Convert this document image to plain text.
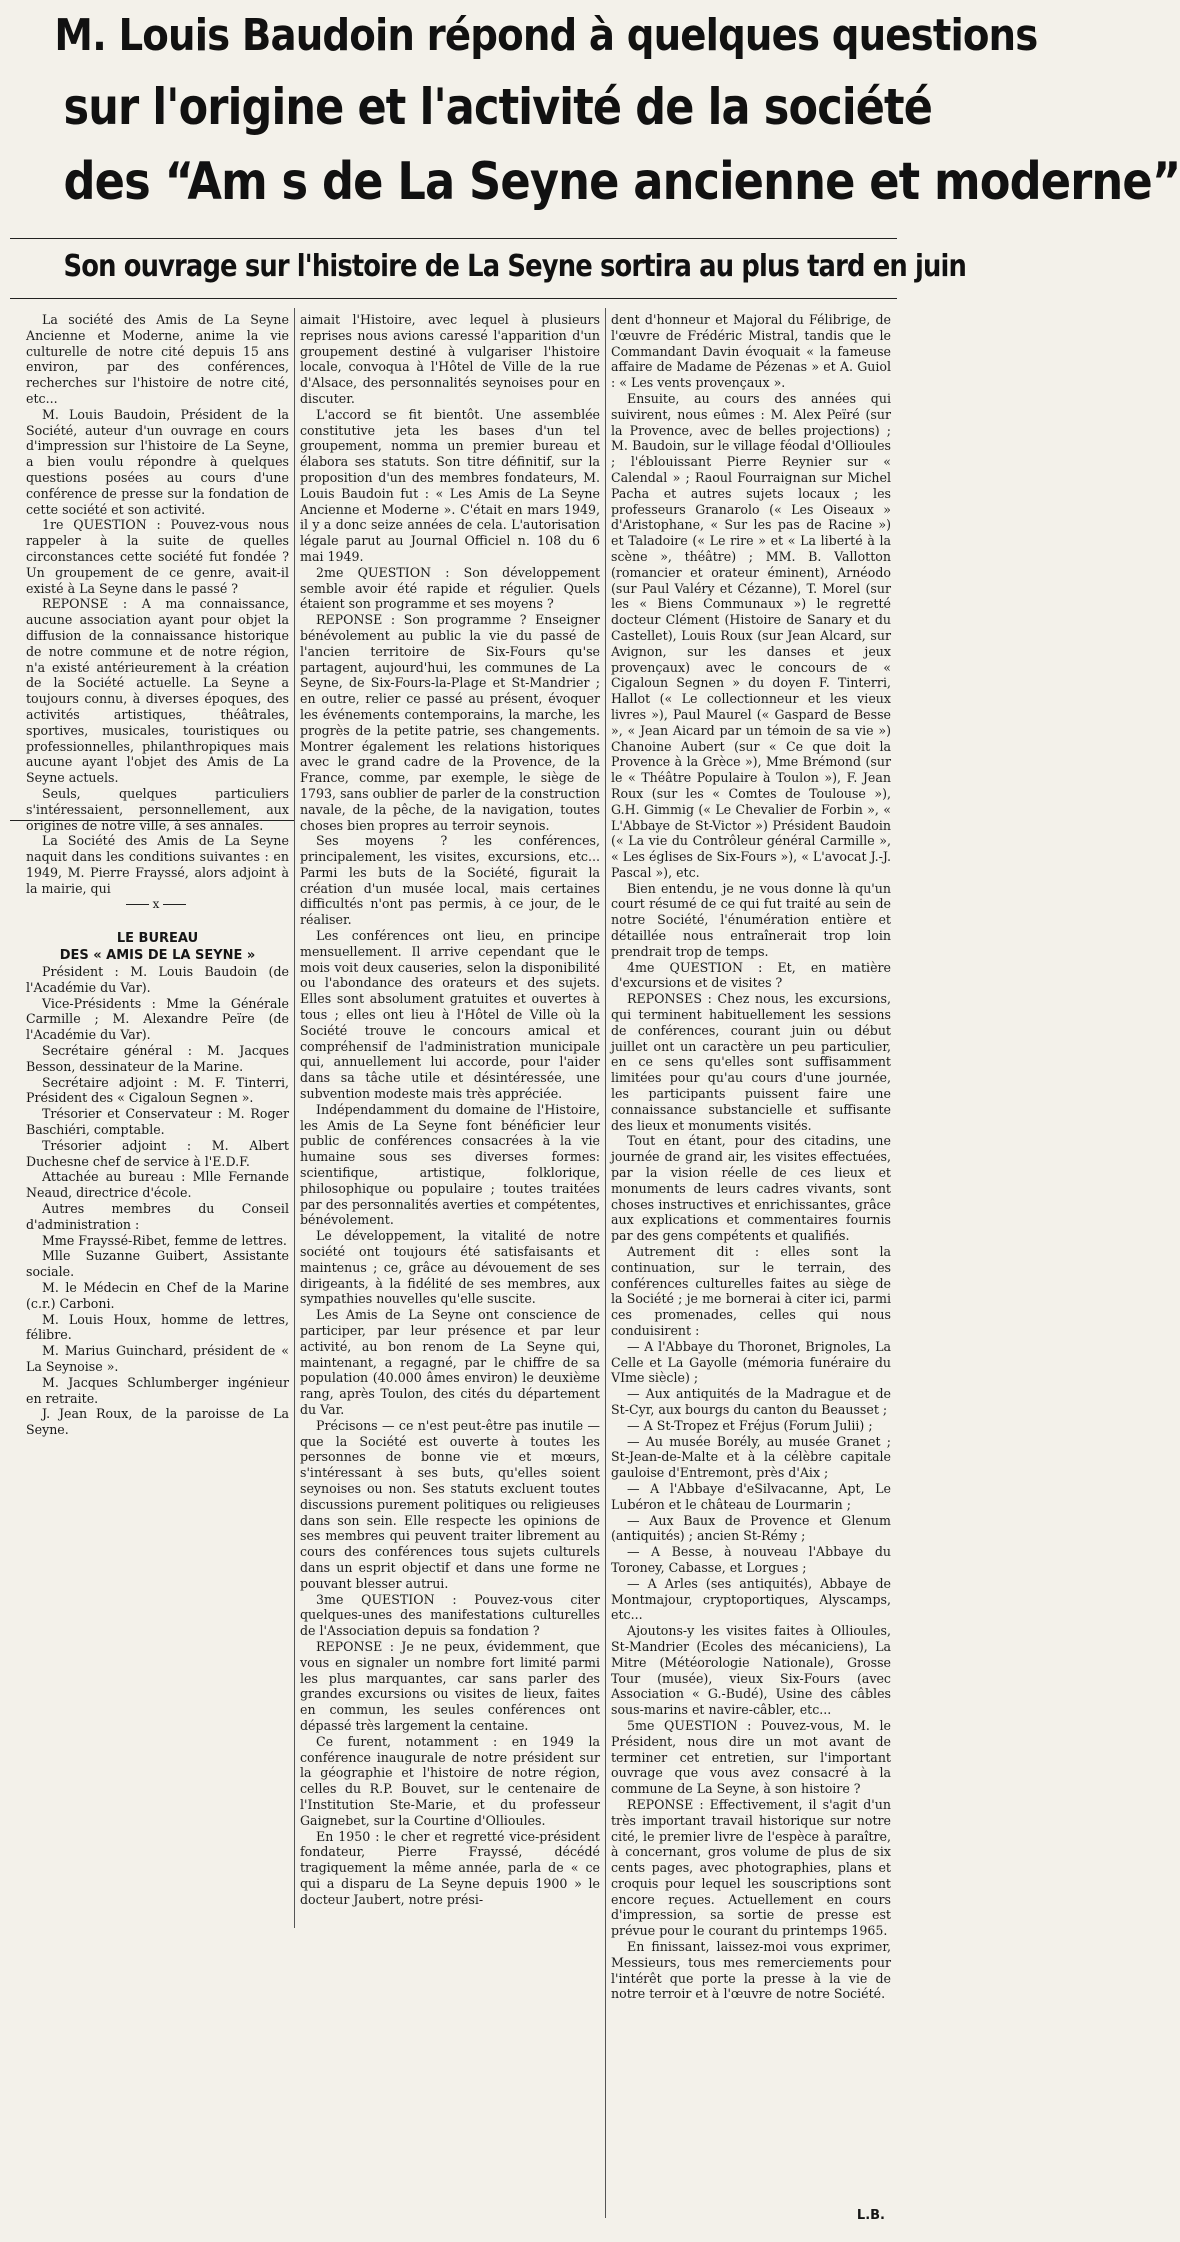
M. Louis Baudoin répond à quelques questions
sur l'origine et l'activité de la société
des “Am s de La Seyne ancienne et moderne”
Son ouvrage sur l'histoire de La Seyne sortira au plus tard en juin

La société des Amis de La Seyne Ancienne et Moderne, anime la vie culturelle de notre cité depuis 15 ans environ, par des conférences, recherches sur l'histoire de notre cité, etc...

M. Louis Baudoin, Président de la Société, auteur d'un ouvrage en cours d'impression sur l'histoire de La Seyne, a bien voulu répondre à quelques questions posées au cours d'une conférence de presse sur la fondation de cette société et son activité.

1re QUESTION : Pouvez-vous nous rappeler à la suite de quelles circonstances cette société fut fondée ? Un groupement de ce genre, avait-il existé à La Seyne dans le passé ?

REPONSE : A ma connaissance, aucune association ayant pour objet la diffusion de la connaissance historique de notre commune et de notre région, n'a existé antérieurement à la création de la Société actuelle. La Seyne a toujours connu, à diverses époques, des activités artistiques, théâtrales, sportives, musicales, touristiques ou professionnelles, philanthropiques mais aucune ayant l'objet des Amis de La Seyne actuels.

Seuls, quelques particuliers s'intéressaient, personnellement, aux origines de notre ville, à ses annales.

La Société des Amis de La Seyne naquit dans les conditions suivantes : en 1949, M. Pierre Frayssé, alors adjoint à la mairie, qui

x
LE BUREAU
DES « AMIS DE LA SEYNE »

Président : M. Louis Baudoin (de l'Académie du Var).

Vice-Présidents : Mme la Générale Carmille ; M. Alexandre Peïre (de l'Académie du Var).

Secrétaire général : M. Jacques Besson, dessinateur de la Marine.

Secrétaire adjoint : M. F. Tinterri, Président des « Cigaloun Segnen ».

Trésorier et Conservateur : M. Roger Baschiéri, comptable.

Trésorier adjoint : M. Albert Duchesne chef de service à l'E.D.F.

Attachée au bureau : Mlle Fernande Neaud, directrice d'école.

Autres membres du Conseil d'administration :

Mme Frayssé-Ribet, femme de lettres.

Mlle Suzanne Guibert, Assistante sociale.

M. le Médecin en Chef de la Marine (c.r.) Carboni.

M. Louis Houx, homme de lettres, félibre.

M. Marius Guinchard, président de « La Seynoise ».

M. Jacques Schlumberger ingénieur en retraite.

J. Jean Roux, de la paroisse de La Seyne.

aimait l'Histoire, avec lequel à plusieurs reprises nous avions caressé l'apparition d'un groupement destiné à vulgariser l'histoire locale, convoqua à l'Hôtel de Ville de la rue d'Alsace, des personnalités seynoises pour en discuter.

L'accord se fit bientôt. Une assemblée constitutive jeta les bases d'un tel groupement, nomma un premier bureau et élabora ses statuts. Son titre définitif, sur la proposition d'un des membres fondateurs, M. Louis Baudoin fut : « Les Amis de La Seyne Ancienne et Moderne ». C'était en mars 1949, il y a donc seize années de cela. L'autorisation légale parut au Journal Officiel n. 108 du 6 mai 1949.

2me QUESTION : Son développement semble avoir été rapide et régulier. Quels étaient son programme et ses moyens ?

REPONSE : Son programme ? Enseigner bénévolement au public la vie du passé de l'ancien territoire de Six-Fours qu'se partagent, aujourd'hui, les communes de La Seyne, de Six-Fours-la-Plage et St-Mandrier ; en outre, relier ce passé au présent, évoquer les événements contemporains, la marche, les progrès de la petite patrie, ses changements. Montrer également les relations historiques avec le grand cadre de la Provence, de la France, comme, par exemple, le siège de 1793, sans oublier de parler de la construction navale, de la pêche, de la navigation, toutes choses bien propres au terroir seynois.

Ses moyens ? les conférences, principalement, les visites, excursions, etc... Parmi les buts de la Société, figurait la création d'un musée local, mais certaines difficultés n'ont pas permis, à ce jour, de le réaliser.

Les conférences ont lieu, en principe mensuellement. Il arrive cependant que le mois voit deux causeries, selon la disponibilité ou l'abondance des orateurs et des sujets. Elles sont absolument gratuites et ouvertes à tous ; elles ont lieu à l'Hôtel de Ville où la Société trouve le concours amical et compréhensif de l'administration municipale qui, annuellement lui accorde, pour l'aider dans sa tâche utile et désintéressée, une subvention modeste mais très appréciée.

Indépendamment du domaine de l'Histoire, les Amis de La Seyne font bénéficier leur public de conférences consacrées à la vie humaine sous ses diverses formes: scientifique, artistique, folklorique, philosophique ou populaire ; toutes traitées par des personnalités averties et compétentes, bénévolement.

Le développement, la vitalité de notre société ont toujours été satisfaisants et maintenus ; ce, grâce au dévouement de ses dirigeants, à la fidélité de ses membres, aux sympathies nouvelles qu'elle suscite.

Les Amis de La Seyne ont conscience de participer, par leur présence et par leur activité, au bon renom de La Seyne qui, maintenant, a regagné, par le chiffre de sa population (40.000 âmes environ) le deuxième rang, après Toulon, des cités du département du Var.

Précisons — ce n'est peut-être pas inutile — que la Société est ouverte à toutes les personnes de bonne vie et mœurs, s'intéressant à ses buts, qu'elles soient seynoises ou non. Ses statuts excluent toutes discussions purement politiques ou religieuses dans son sein. Elle respecte les opinions de ses membres qui peuvent traiter librement au cours des conférences tous sujets culturels dans un esprit objectif et dans une forme ne pouvant blesser autrui.

3me QUESTION : Pouvez-vous citer quelques-unes des manifestations culturelles de l'Association depuis sa fondation ?

REPONSE : Je ne peux, évidemment, que vous en signaler un nombre fort limité parmi les plus marquantes, car sans parler des grandes excursions ou visites de lieux, faites en commun, les seules conférences ont dépassé très largement la centaine.

Ce furent, notamment : en 1949 la conférence inaugurale de notre président sur la géographie et l'histoire de notre région, celles du R.P. Bouvet, sur le centenaire de l'Institution Ste-Marie, et du professeur Gaignebet, sur la Courtine d'Ollioules.

En 1950 : le cher et regretté vice-président fondateur, Pierre Frayssé, décédé tragiquement la même année, parla de « ce qui a disparu de La Seyne depuis 1900 » le docteur Jaubert, notre prési-

dent d'honneur et Majoral du Félibrige, de l'œuvre de Frédéric Mistral, tandis que le Commandant Davin évoquait « la fameuse affaire de Madame de Pézenas » et A. Guiol : « Les vents provençaux ».

Ensuite, au cours des années qui suivirent, nous eûmes : M. Alex Peïré (sur la Provence, avec de belles projections) ; M. Baudoin, sur le village féodal d'Ollioules ; l'éblouissant Pierre Reynier sur « Calendal » ; Raoul Fourraignan sur Michel Pacha et autres sujets locaux ; les professeurs Granarolo (« Les Oiseaux » d'Aristophane, « Sur les pas de Racine ») et Taladoire (« Le rire » et « La liberté à la scène », théâtre) ; MM. B. Vallotton (romancier et orateur éminent), Arnéodo (sur Paul Valéry et Cézanne), T. Morel (sur les « Biens Communaux ») le regretté docteur Clément (Histoire de Sanary et du Castellet), Louis Roux (sur Jean Alcard, sur Avignon, sur les danses et jeux provençaux) avec le concours de « Cigaloun Segnen » du doyen F. Tinterri, Hallot (« Le collectionneur et les vieux livres »), Paul Maurel (« Gaspard de Besse », « Jean Aicard par un témoin de sa vie ») Chanoine Aubert (sur « Ce que doit la Provence à la Grèce »), Mme Brémond (sur le « Théâtre Populaire à Toulon »), F. Jean Roux (sur les « Comtes de Toulouse »), G.H. Gimmig (« Le Chevalier de Forbin », « L'Abbaye de St-Victor ») Président Baudoin (« La vie du Contrôleur général Carmille », « Les églises de Six-Fours »), « L'avocat J.-J. Pascal »), etc.

Bien entendu, je ne vous donne là qu'un court résumé de ce qui fut traité au sein de notre Société, l'énumération entière et détaillée nous entraînerait trop loin prendrait trop de temps.

4me QUESTION : Et, en matière d'excursions et de visites ?

REPONSES : Chez nous, les excursions, qui terminent habituellement les sessions de conférences, courant juin ou début juillet ont un caractère un peu particulier, en ce sens qu'elles sont suffisamment limitées pour qu'au cours d'une journée, les participants puissent faire une connaissance substancielle et suffisante des lieux et monuments visités.

Tout en étant, pour des citadins, une journée de grand air, les visites effectuées, par la vision réelle de ces lieux et monuments de leurs cadres vivants, sont choses instructives et enrichissantes, grâce aux explications et commentaires fournis par des gens compétents et qualifiés.

Autrement dit : elles sont la continuation, sur le terrain, des conférences culturelles faites au siège de la Société ; je me bornerai à citer ici, parmi ces promenades, celles qui nous conduisirent :

— A l'Abbaye du Thoronet, Brignoles, La Celle et La Gayolle (mémoria funéraire du VIme siècle) ;

— Aux antiquités de la Madrague et de St-Cyr, aux bourgs du canton du Beausset ;

— A St-Tropez et Fréjus (Forum Julii) ;

— Au musée Borély, au musée Granet ; St-Jean-de-Malte et à la célèbre capitale gauloise d'Entremont, près d'Aix ;

— A l'Abbaye d'eSilvacanne, Apt, Le Lubéron et le château de Lourmarin ;

— Aux Baux de Provence et Glenum (antiquités) ; ancien St-Rémy ;

— A Besse, à nouveau l'Abbaye du Toroney, Cabasse, et Lorgues ;

— A Arles (ses antiquités), Abbaye de Montmajour, cryptoportiques, Alyscamps, etc...

Ajoutons-y les visites faites à Ollioules, St-Mandrier (Ecoles des mécaniciens), La Mitre (Météorologie Nationale), Grosse Tour (musée), vieux Six-Fours (avec Association « G.-Budé), Usine des câbles sous-marins et navire-câbler, etc...

5me QUESTION : Pouvez-vous, M. le Président, nous dire un mot avant de terminer cet entretien, sur l'important ouvrage que vous avez consacré à la commune de La Seyne, à son histoire ?

REPONSE : Effectivement, il s'agit d'un très important travail historique sur notre cité, le premier livre de l'espèce à paraître, à concernant, gros volume de plus de six cents pages, avec photographies, plans et croquis pour lequel les souscriptions sont encore reçues. Actuellement en cours d'impression, sa sortie de presse est prévue pour le courant du printemps 1965.

En finissant, laissez-moi vous exprimer, Messieurs, tous mes remerciements pour l'intérêt que porte la presse à la vie de notre terroir et à l'œuvre de notre Société.

L.B.
